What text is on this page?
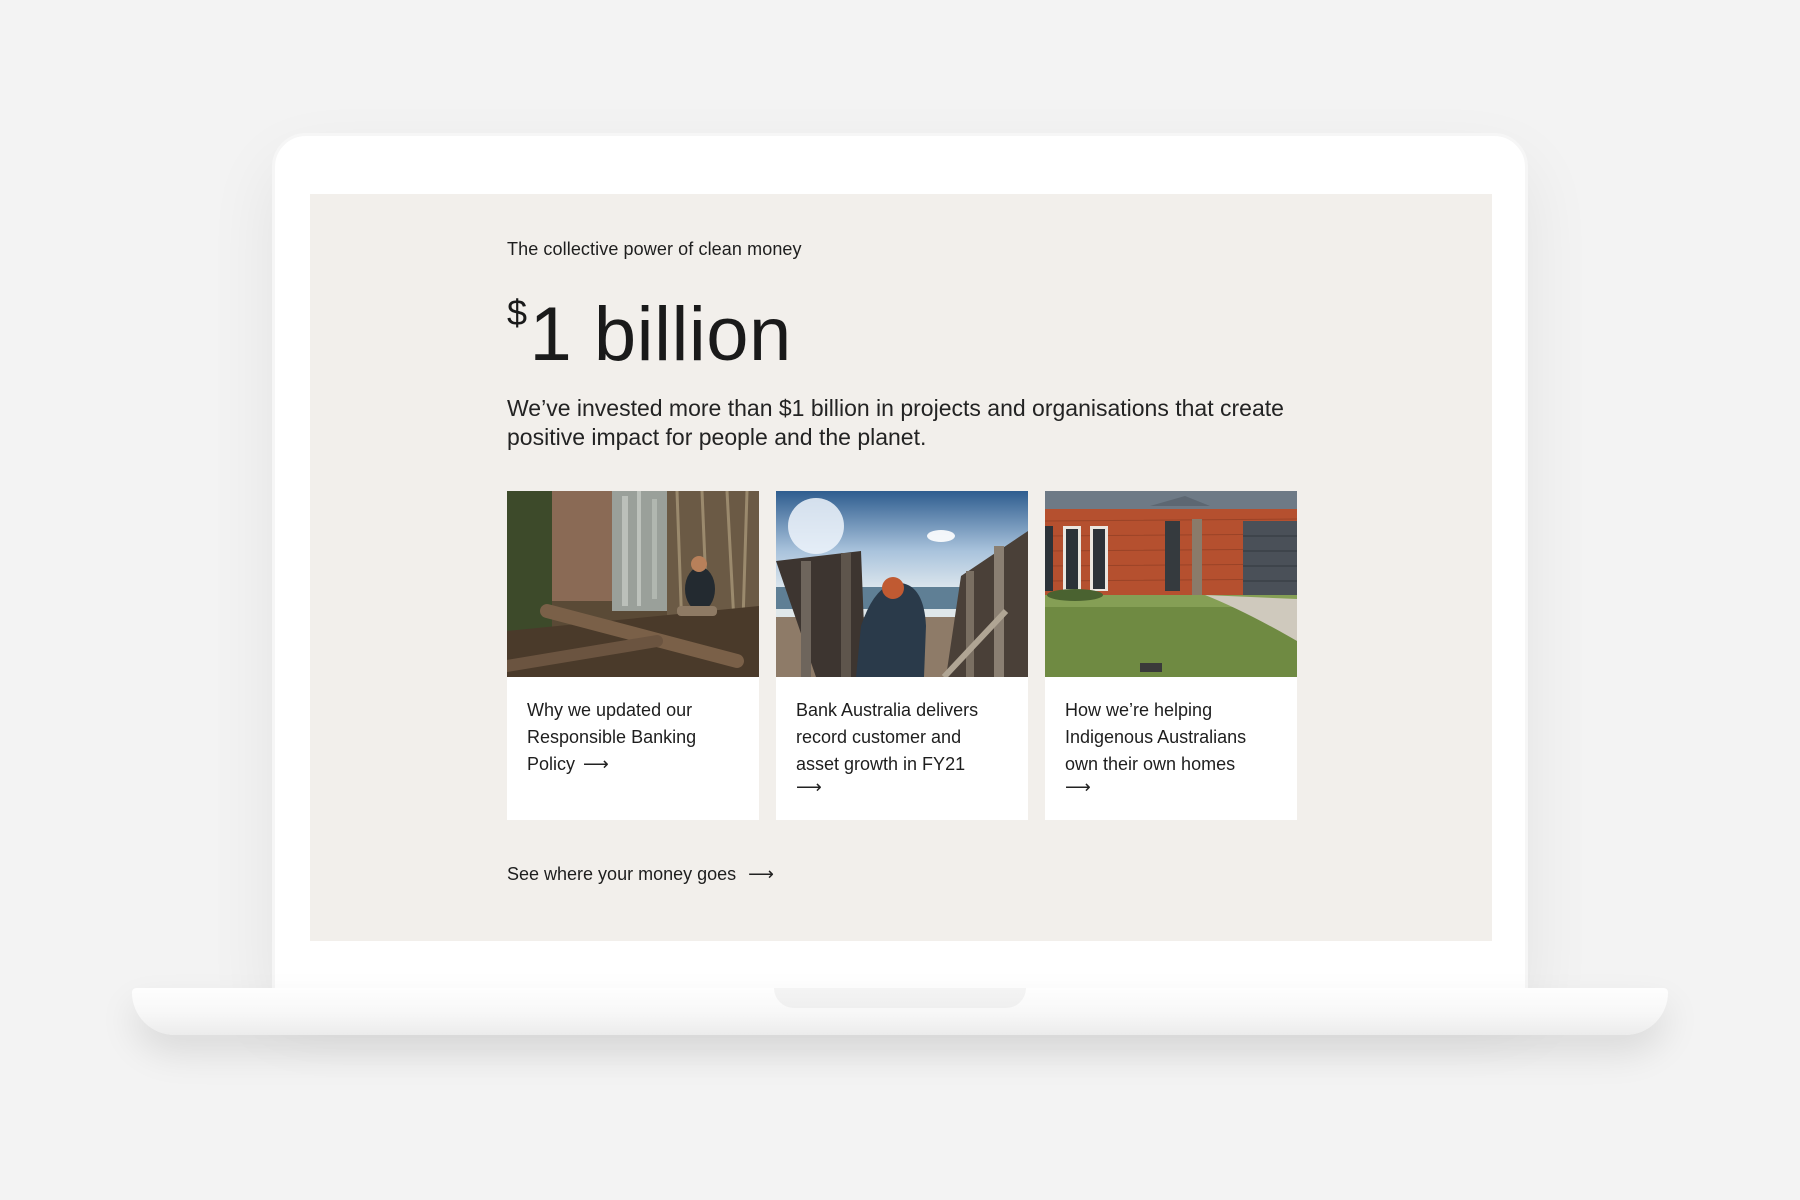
The collective power of clean money
$1 billion

We’ve invested more than $1 billion in projects and organisations that create positive impact for people and the planet.

Why we updated our Responsible Banking Policy ⟶
Bank Australia delivers record customer and asset growth in FY21
⟶
How we’re helping Indigenous Australians own their own homes
⟶
See where your money goes ⟶
